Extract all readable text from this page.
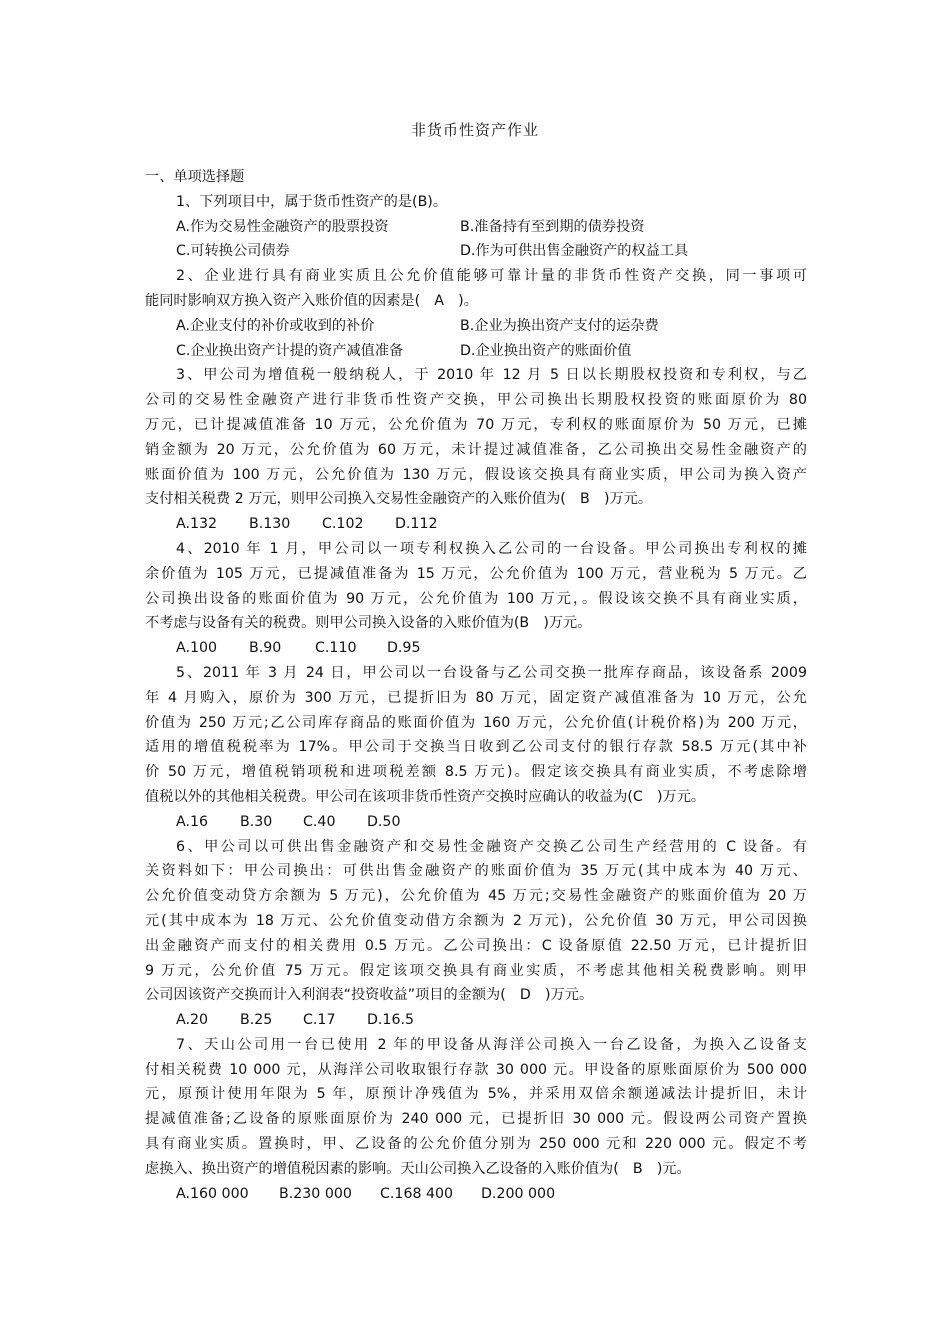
非货币性资产作业
一、单项选择题
1、下列项目中，属于货币性资产的是(B)。
A.作为交易性金融资产的股票投资	B.准备持有至到期的债券投资
C.可转换公司债券	D.作为可供出售金融资产的权益工具
2、企业进行具有商业实质且公允价值能够可靠计量的非货币性资产交换，同一事项可
能同时影响双方换入资产入账价值的因素是(　A　)。
A.企业支付的补价或收到的补价	B.企业为换出资产支付的运杂费
C.企业换出资产计提的资产减值准备	D.企业换出资产的账面价值
3、甲公司为增值税一般纳税人，于 2010 年 12 月 5 日以长期股权投资和专利权，与乙
公司的交易性金融资产进行非货币性资产交换，甲公司换出长期股权投资的账面原价为 80
万元，已计提减值准备 10 万元，公允价值为 70 万元，专利权的账面原价为 50 万元，已摊
销金额为 20 万元，公允价值为 60 万元，未计提过减值准备，乙公司换出交易性金融资产的
账面价值为 100 万元，公允价值为 130 万元，假设该交换具有商业实质，甲公司为换入资产
支付相关税费 2 万元，则甲公司换入交易性金融资产的入账价值为(　B　)万元。
A.132 B.130 C.102 D.112
4、2010 年 1 月，甲公司以一项专利权换入乙公司的一台设备。甲公司换出专利权的摊
余价值为 105 万元，已提减值准备为 15 万元，公允价值为 100 万元，营业税为 5 万元。乙
公司换出设备的账面价值为 90 万元，公允价值为 100 万元，。假设该交换不具有商业实质，
不考虑与设备有关的税费。则甲公司换入设备的入账价值为(B　)万元。
A.100 B.90 C.110 D.95
5、2011 年 3 月 24 日，甲公司以一台设备与乙公司交换一批库存商品，该设备系 2009
年 4 月购入，原价为 300 万元，已提折旧为 80 万元，固定资产减值准备为 10 万元，公允
价值为 250 万元;乙公司库存商品的账面价值为 160 万元，公允价值(计税价格)为 200 万元，
适用的增值税税率为 17%。甲公司于交换当日收到乙公司支付的银行存款 58.5 万元(其中补
价 50 万元，增值税销项税和进项税差额 8.5 万元)。假定该交换具有商业实质，不考虑除增
值税以外的其他相关税费。甲公司在该项非货币性资产交换时应确认的收益为(C　)万元。
A.16 B.30 C.40 D.50
6、甲公司以可供出售金融资产和交易性金融资产交换乙公司生产经营用的 C 设备。有
关资料如下：甲公司换出：可供出售金融资产的账面价值为 35 万元(其中成本为 40 万元、
公允价值变动贷方余额为 5 万元)，公允价值为 45 万元;交易性金融资产的账面价值为 20 万
元(其中成本为 18 万元、公允价值变动借方余额为 2 万元)，公允价值 30 万元，甲公司因换
出金融资产而支付的相关费用 0.5 万元。乙公司换出：C 设备原值 22.50 万元，已计提折旧
9 万元，公允价值 75 万元。假定该项交换具有商业实质，不考虑其他相关税费影响。则甲
公司因该资产交换而计入利润表“投资收益”项目的金额为(　D　)万元。
A.20 B.25 C.17 D.16.5
7、天山公司用一台已使用 2 年的甲设备从海洋公司换入一台乙设备，为换入乙设备支
付相关税费 10 000 元，从海洋公司收取银行存款 30 000 元。甲设备的原账面原价为 500 000
元，原预计使用年限为 5 年，原预计净残值为 5%，并采用双倍余额递减法计提折旧，未计
提减值准备;乙设备的原账面原价为 240 000 元，已提折旧 30 000 元。假设两公司资产置换
具有商业实质。置换时，甲、乙设备的公允价值分别为 250 000 元和 220 000 元。假定不考
虑换入、换出资产的增值税因素的影响。天山公司换入乙设备的入账价值为(　B　)元。
A.160 000 B.230 000 C.168 400 D.200 000
